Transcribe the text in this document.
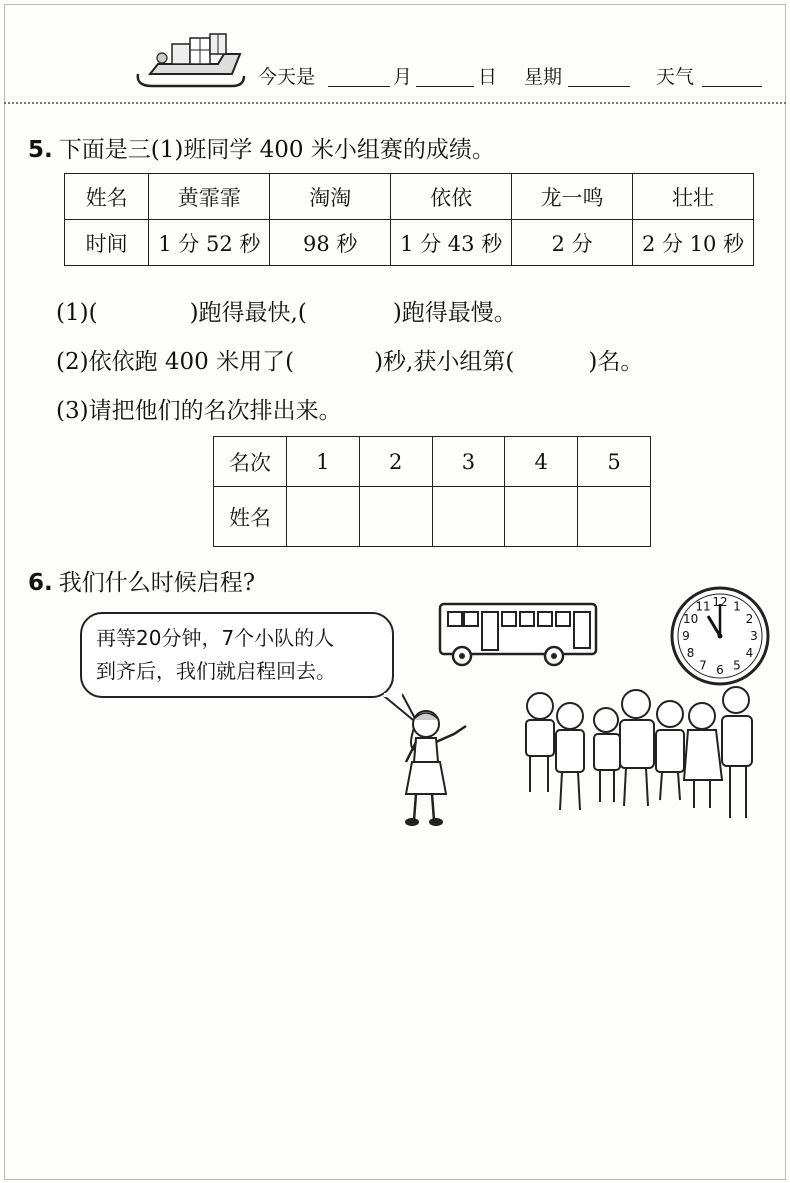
今天是	月	日 星期	天气
5. 下面是三(1)班同学 400 米小组赛的成绩。
姓名	黄霏霏	淘淘	依依	龙一鸣	壮壮
时间	1 分 52 秒	98 秒	1 分 43 秒	2 分	2 分 10 秒
(1)(	)跑得最快,(	)跑得最慢。
(2)依依跑 400 米用了(	)秒,获小组第(	)名。
(3)请把他们的名次排出来。
名次	1	2	3	4	5
姓名					
6. 我们什么时候启程?
再等20分钟，7个小队的人
到齐后，我们就启程回去。
12 1
2
3
4
5
6
7
8
9
10
11
